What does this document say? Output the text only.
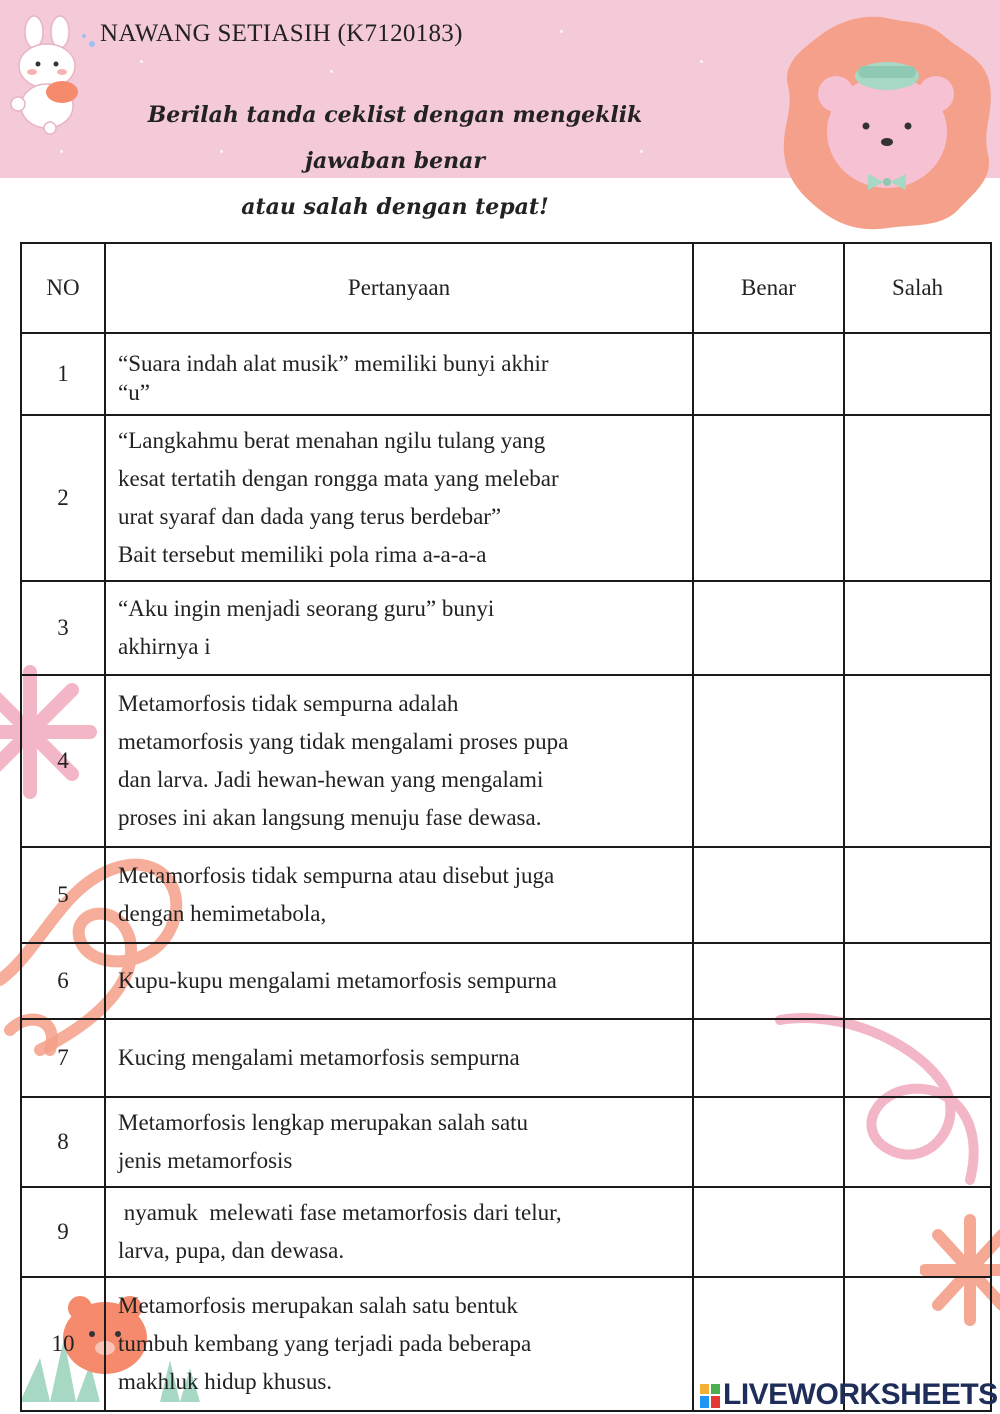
NAWANG SETIASIH (K7120183)
Berilah tanda ceklist dengan mengeklik jawaban benar
atau salah dengan tepat!
NO	Pertanyaan	Benar	Salah
1	“Suara indah alat musik” memiliki bunyi akhir
“u”		

2	“Langkahmu berat menahan ngilu tulang yang
kesat tertatih dengan rongga mata yang melebar
urat syaraf dan dada yang terus berdebar”
Bait tersebut memiliki pola rima a-a-a-a		

3	“Aku ingin menjadi seorang guru” bunyi
akhirnya i		

4	Metamorfosis tidak sempurna adalah
metamorfosis yang tidak mengalami proses pupa
dan larva. Jadi hewan-hewan yang mengalami
proses ini akan langsung menuju fase dewasa.		

5	Metamorfosis tidak sempurna atau disebut juga
dengan hemimetabola,		

6	Kupu-kupu mengalami metamorfosis sempurna		

7	Kucing mengalami metamorfosis sempurna		

8	Metamorfosis lengkap merupakan salah satu
jenis metamorfosis		

9	nyamuk  melewati fase metamorfosis dari telur,
larva, pupa, dan dewasa.		

10	Metamorfosis merupakan salah satu bentuk
tumbuh kembang yang terjadi pada beberapa
makhluk hidup khusus.		
			LIVEWORKSHEETS
